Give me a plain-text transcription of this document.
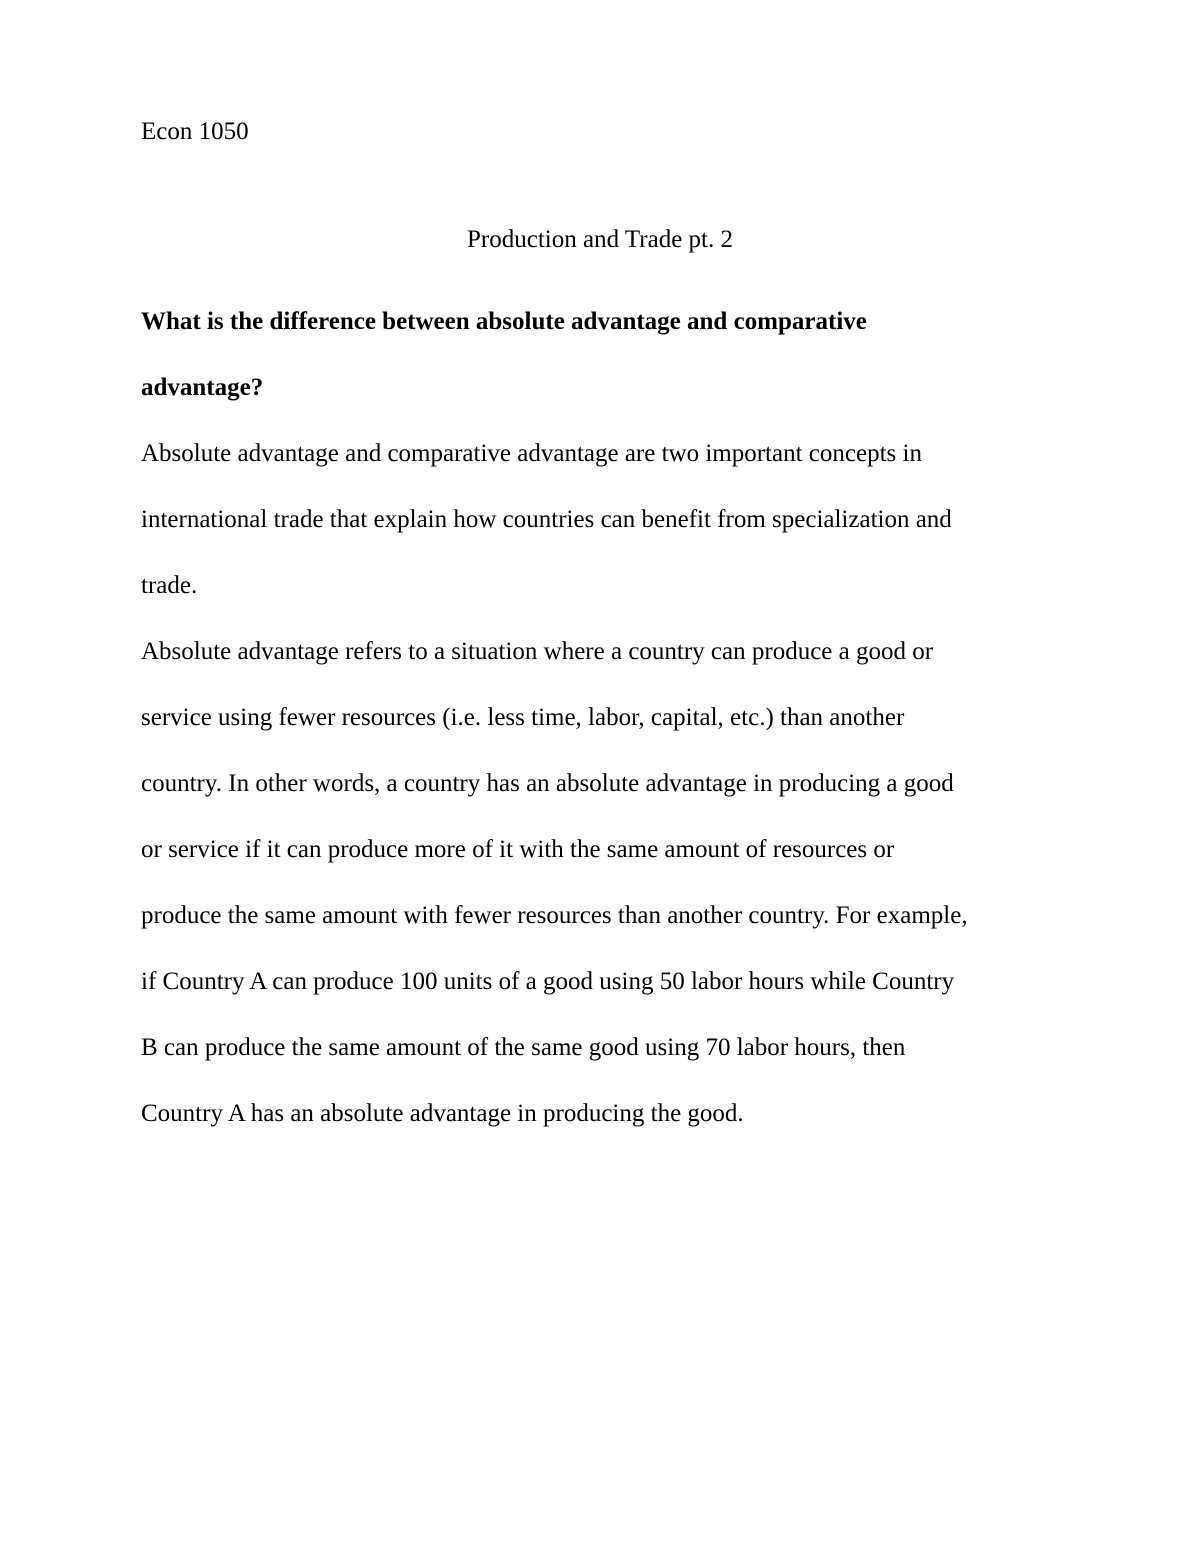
Econ 1050
Production and Trade pt. 2

What is the difference between absolute advantage and comparative
advantage?

Absolute advantage and comparative advantage are two important concepts in
international trade that explain how countries can benefit from specialization and
trade.

Absolute advantage refers to a situation where a country can produce a good or
service using fewer resources (i.e. less time, labor, capital, etc.) than another
country. In other words, a country has an absolute advantage in producing a good
or service if it can produce more of it with the same amount of resources or
produce the same amount with fewer resources than another country. For example,
if Country A can produce 100 units of a good using 50 labor hours while Country
B can produce the same amount of the same good using 70 labor hours, then
Country A has an absolute advantage in producing the good.
